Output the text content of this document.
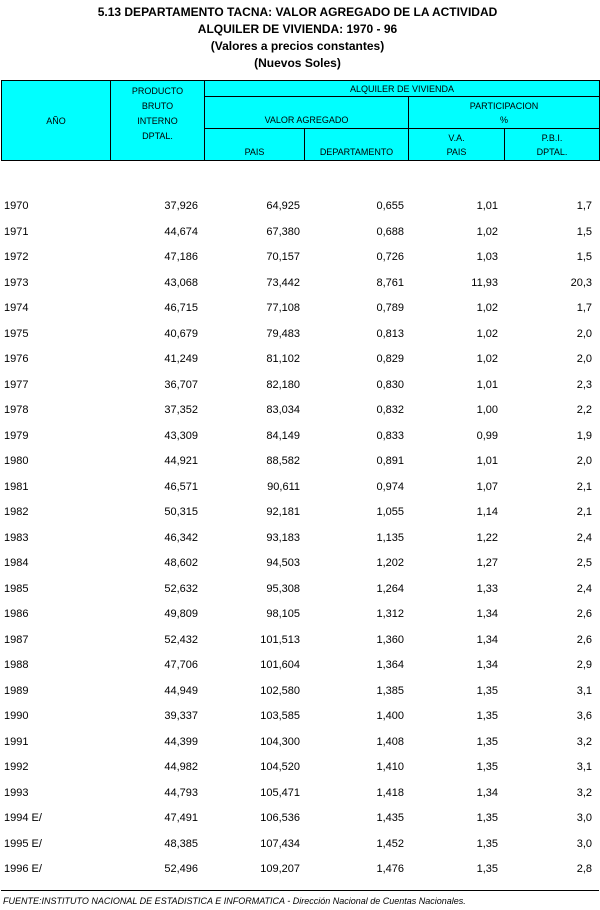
5.13 DEPARTAMENTO TACNA: VALOR AGREGADO DE LA ACTIVIDAD
ALQUILER DE VIVIENDA: 1970 - 96
(Valores a precios constantes)
(Nuevos Soles)
AÑO	PRODUCTO BRUTO INTERNO DPTAL.	ALQUILER DE VIVIENDA			
		VALOR AGREGADO		PARTICIPACION
%	

		PAIS	DEPARTAMENTO	V.A. PAIS	P.B.I. DPTAL.
1970	37,926	64,925	0,655	1,01	1,7
1971	44,674	67,380	0,688	1,02	1,5
1972	47,186	70,157	0,726	1,03	1,5
1973	43,068	73,442	8,761	11,93	20,3
1974	46,715	77,108	0,789	1,02	1,7
1975	40,679	79,483	0,813	1,02	2,0
1976	41,249	81,102	0,829	1,02	2,0
1977	36,707	82,180	0,830	1,01	2,3
1978	37,352	83,034	0,832	1,00	2,2
1979	43,309	84,149	0,833	0,99	1,9
1980	44,921	88,582	0,891	1,01	2,0
1981	46,571	90,611	0,974	1,07	2,1
1982	50,315	92,181	1,055	1,14	2,1
1983	46,342	93,183	1,135	1,22	2,4
1984	48,602	94,503	1,202	1,27	2,5
1985	52,632	95,308	1,264	1,33	2,4
1986	49,809	98,105	1,312	1,34	2,6
1987	52,432	101,513	1,360	1,34	2,6
1988	47,706	101,604	1,364	1,34	2,9
1989	44,949	102,580	1,385	1,35	3,1
1990	39,337	103,585	1,400	1,35	3,6
1991	44,399	104,300	1,408	1,35	3,2
1992	44,982	104,520	1,410	1,35	3,1
1993	44,793	105,471	1,418	1,34	3,2
1994 E/	47,491	106,536	1,435	1,35	3,0
1995 E/	48,385	107,434	1,452	1,35	3,0
1996 E/	52,496	109,207	1,476	1,35	2,8
FUENTE:INSTITUTO NACIONAL DE ESTADISTICA E INFORMATICA - Dirección Nacional de Cuentas Nacionales.
